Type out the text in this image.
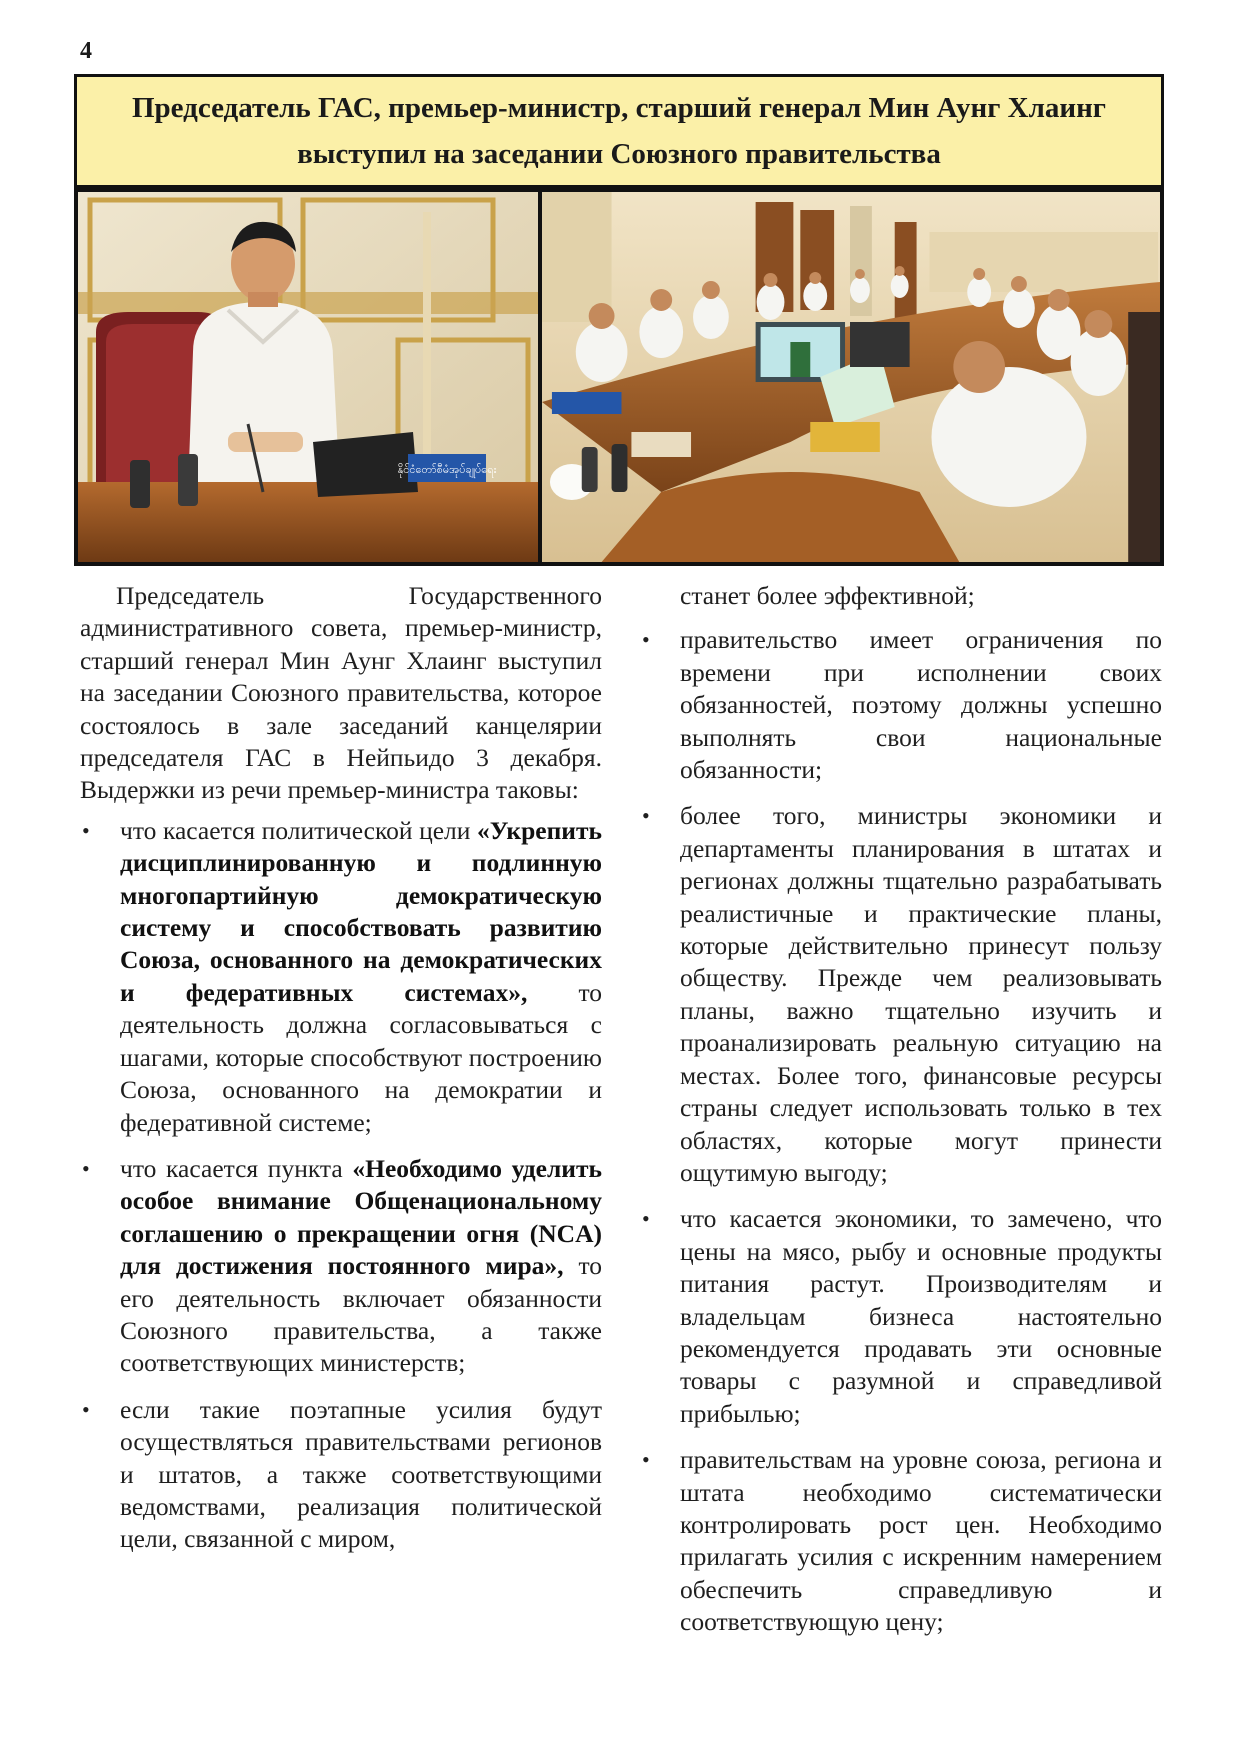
4
Председатель ГАС, премьер-министр, старший генерал Мин Аунг Хлаинг
выступил на заседании Союзного правительства
နိုင်ငံတော်စီမံအုပ်ချုပ်ရေး

Председатель Государственного административного совета, премьер-министр, старший генерал Мин Аунг Хлаинг выступил на заседании Союзного правительства, которое состоялось в зале заседаний канцелярии председателя ГАС в Нейпьидо 3 декабря. Выдержки из речи премьер-министра таковы:

• что касается политической цели «Укрепить дисциплинированную и подлинную многопартийную демократическую систему и способствовать развитию Союза, основанного на демократических и федеративных системах», то деятельность должна согласовываться с шагами, которые способствуют построению Союза, основанного на демократии и федеративной системе;
• что касается пункта «Необходимо уделить особое внимание Общенациональному соглашению о прекращении огня (NCA) для достижения постоянного мира», то его деятельность включает обязанности Союзного правительства, а также соответствующих министерств;
• если такие поэтапные усилия будут осуществляться правительствами регионов и штатов, а также соответствующими ведомствами, реализация политической цели, связанной с миром,

станет более эффективной;

• правительство имеет ограничения по времени при исполнении своих обязанностей, поэтому должны успешно выполнять свои национальные обязанности;
• более того, министры экономики и департаменты планирования в штатах и регионах должны тщательно разрабатывать реалистичные и практические планы, которые действительно принесут пользу обществу. Прежде чем реализовывать планы, важно тщательно изучить и проанализировать реальную ситуацию на местах. Более того, финансовые ресурсы страны следует использовать только в тех областях, которые могут принести ощутимую выгоду;
• что касается экономики, то замечено, что цены на мясо, рыбу и основные продукты питания растут. Производителям и владельцам бизнеса настоятельно рекомендуется продавать эти основные товары с разумной и справедливой прибылью;
• правительствам на уровне союза, региона и штата необходимо систематически контролировать рост цен. Необходимо прилагать усилия с искренним намерением обеспечить справедливую и соответствующую цену;
